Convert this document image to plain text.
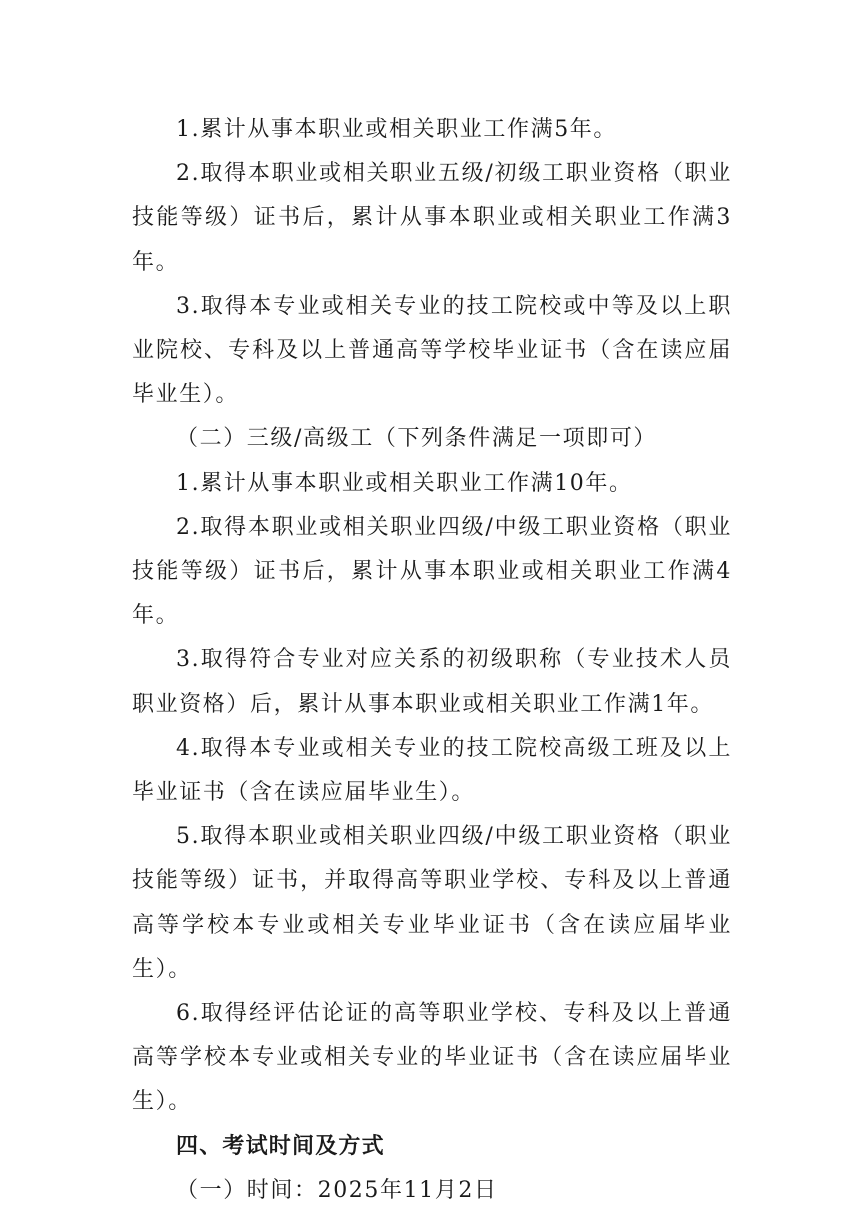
1.累计从事本职业或相关职业工作满5年。

2.取得本职业或相关职业五级/初级工职业资格（职业技能等级）证书后，累计从事本职业或相关职业工作满3年。

3.取得本专业或相关专业的技工院校或中等及以上职业院校、专科及以上普通高等学校毕业证书（含在读应届毕业生）。

（二）三级/高级工（下列条件满足一项即可）

1.累计从事本职业或相关职业工作满10年。

2.取得本职业或相关职业四级/中级工职业资格（职业技能等级）证书后，累计从事本职业或相关职业工作满4年。

3.取得符合专业对应关系的初级职称（专业技术人员职业资格）后，累计从事本职业或相关职业工作满1年。

4.取得本专业或相关专业的技工院校高级工班及以上毕业证书（含在读应届毕业生）。

5.取得本职业或相关职业四级/中级工职业资格（职业技能等级）证书，并取得高等职业学校、专科及以上普通高等学校本专业或相关专业毕业证书（含在读应届毕业生）。

6.取得经评估论证的高等职业学校、专科及以上普通高等学校本专业或相关专业的毕业证书（含在读应届毕业生）。

四、考试时间及方式

（一）时间：2025年11月2日
